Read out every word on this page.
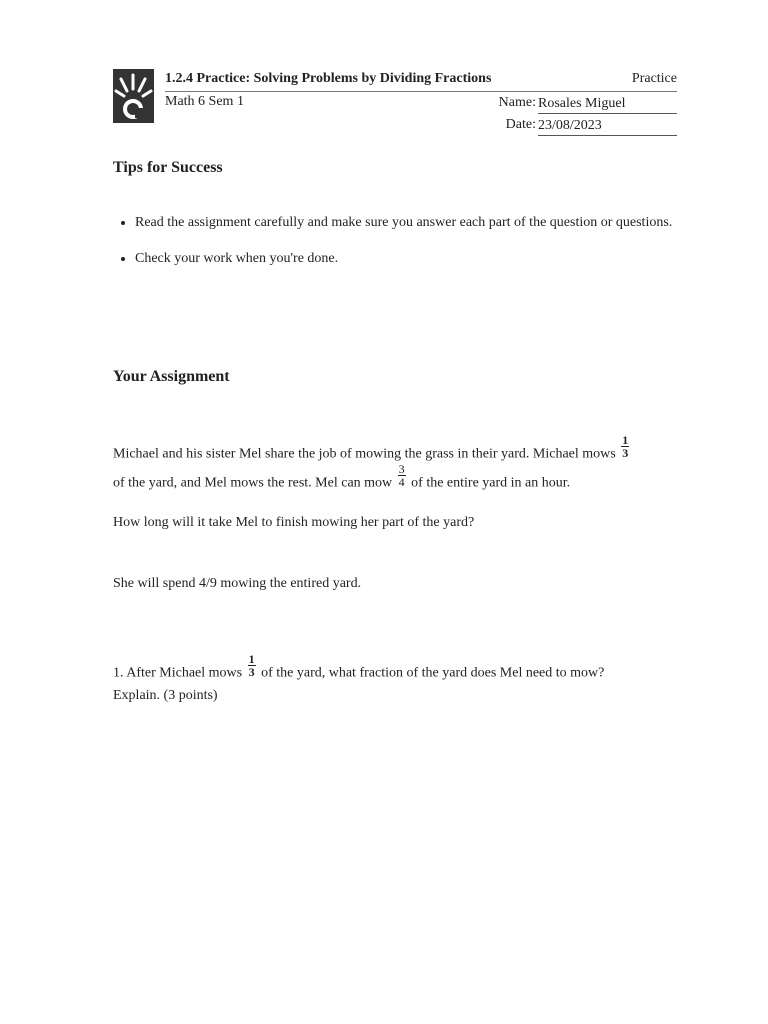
1.2.4 Practice: Solving Problems by Dividing Fractions	Practice
Math 6 Sem 1	Name: Rosales Miguel
Date: 23/08/2023
Tips for Success
• Read the assignment carefully and make sure you answer each part of the question or questions.
• Check your work when you're done.
Your Assignment
Michael and his sister Mel share the job of mowing the grass in their yard. Michael mows $\frac{1}{3}$
of the yard, and Mel mows the rest. Mel can mow $\frac{3}{4}$ of the entire yard in an hour.
How long will it take Mel to finish mowing her part of the yard?
She will spend 4/9 mowing the entired yard.
1. After Michael mows $\frac{1}{3}$ of the yard, what fraction of the yard does Mel need to mow?
Explain. (3 points)
